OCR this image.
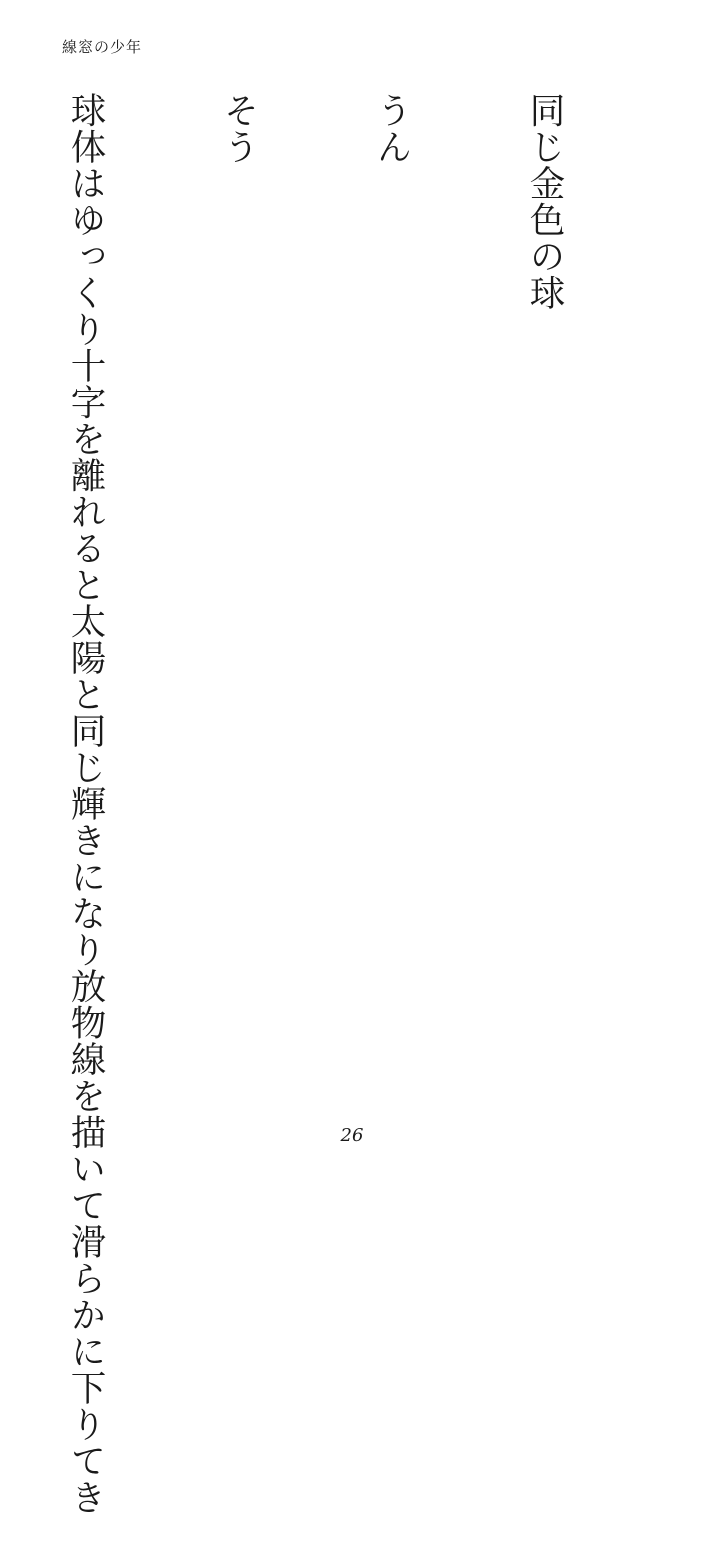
線窓の少年

同じ金色の球

うん

そう

球体はゆっくり十字を離れると太陽と同じ輝きになり放物線を描いて滑らかに下りてき

	26
